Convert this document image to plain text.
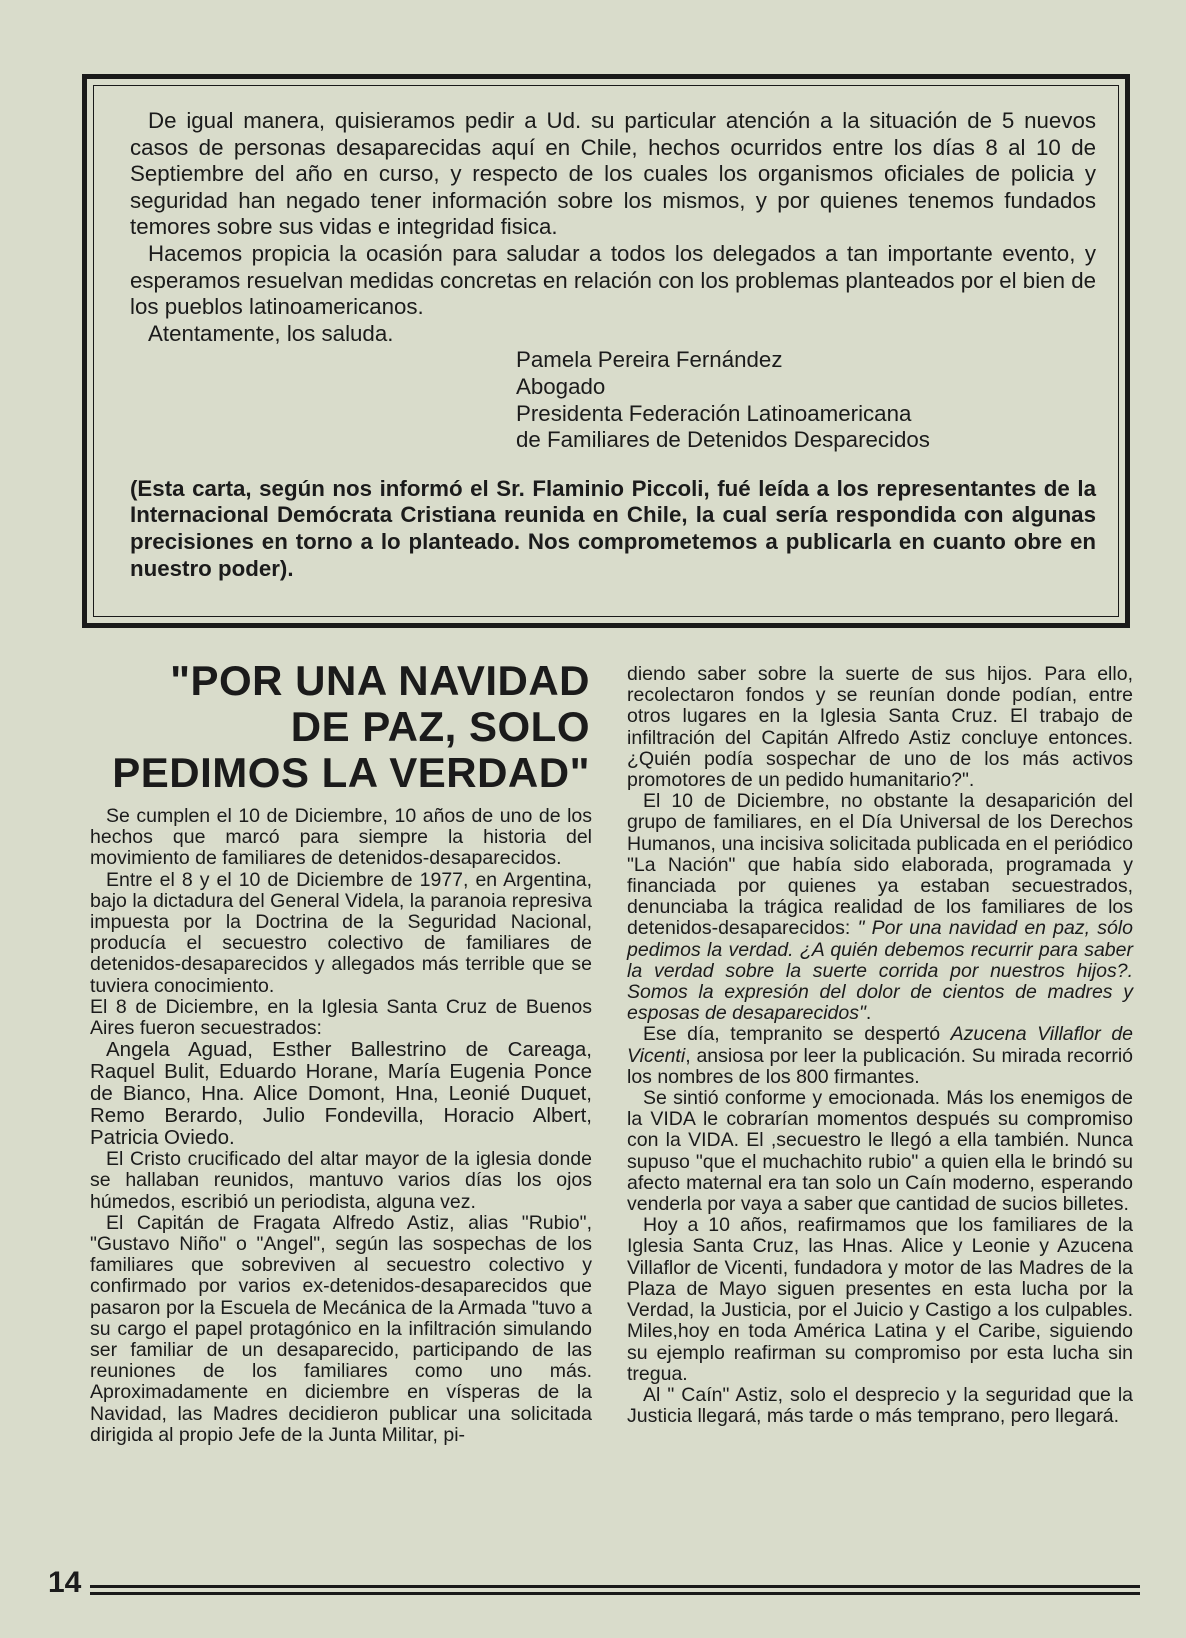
De igual manera, quisieramos pedir a Ud. su particular atención a la situación de 5 nuevos casos de personas desaparecidas aquí en Chile, hechos ocurridos entre los días 8 al 10 de Septiembre del año en curso, y respecto de los cuales los organismos oficiales de policia y seguridad han negado tener información sobre los mismos, y por quienes tenemos fundados temores sobre sus vidas e integridad fisica.

Hacemos propicia la ocasión para saludar a todos los delegados a tan importante evento, y esperamos resuelvan medidas concretas en relación con los problemas planteados por el bien de los pueblos latinoamericanos.

Atentamente, los saluda.

Pamela Pereira Fernández

Abogado

Presidenta Federación Latinoamericana

de Familiares de Detenidos Desparecidos

(Esta carta, según nos informó el Sr. Flaminio Piccoli, fué leída a los representantes de la Internacional Demócrata Cristiana reunida en Chile, la cual sería respondida con algunas precisiones en torno a lo planteado. Nos comprometemos a publicarla en cuanto obre en nuestro poder).

"POR UNA NAVIDAD
DE PAZ, SOLO
PEDIMOS LA VERDAD"

Se cumplen el 10 de Diciembre, 10 años de uno de los hechos que marcó para siempre la historia del movimiento de familiares de detenidos-desaparecidos.

Entre el 8 y el 10 de Diciembre de 1977, en Argentina, bajo la dictadura del General Videla, la paranoia represiva impuesta por la Doctrina de la Seguridad Nacional, producía el secuestro colectivo de familiares de detenidos-desaparecidos y allegados más terrible que se tuviera conocimiento.

El 8 de Diciembre, en la Iglesia Santa Cruz de Buenos Aires fueron secuestrados:

Angela Aguad, Esther Ballestrino de Careaga, Raquel Bulit, Eduardo Horane, María Eugenia Ponce de Bianco, Hna. Alice Domont, Hna, Leonié Duquet, Remo Berardo, Julio Fondevilla, Horacio Albert, Patricia Oviedo.

El Cristo crucificado del altar mayor de la iglesia donde se hallaban reunidos, mantuvo varios días los ojos húmedos, escribió un periodista, alguna vez.

El Capitán de Fragata Alfredo Astiz, alias "Rubio", "Gustavo Niño" o "Angel", según las sospechas de los familiares que sobreviven al secuestro colectivo y confirmado por varios ex-detenidos-desaparecidos que pasaron por la Escuela de Mecánica de la Armada "tuvo a su cargo el papel protagónico en la infiltración simulando ser familiar de un desaparecido, participando de las reuniones de los familiares como uno más. Aproximadamente en diciembre en vísperas de la Navidad, las Madres decidieron publicar una solicitada dirigida al propio Jefe de la Junta Militar, pi-

diendo saber sobre la suerte de sus hijos. Para ello, recolectaron fondos y se reunían donde podían, entre otros lugares en la Iglesia Santa Cruz. El trabajo de infiltración del Capitán Alfredo Astiz concluye entonces. ¿Quién podía sospechar de uno de los más activos promotores de un pedido humanitario?".

El 10 de Diciembre, no obstante la desaparición del grupo de familiares, en el Día Universal de los Derechos Humanos, una incisiva solicitada publicada en el periódico "La Nación" que había sido elaborada, programada y financiada por quienes ya estaban secuestrados, denunciaba la trágica realidad de los familiares de los detenidos-desaparecidos: " Por una navidad en paz, sólo pedimos la verdad. ¿A quién debemos recurrir para saber la verdad sobre la suerte corrida por nuestros hijos?. Somos la expresión del dolor de cientos de madres y esposas de desaparecidos".

Ese día, tempranito se despertó Azucena Villaflor de Vicenti, ansiosa por leer la publicación. Su mirada recorrió los nombres de los 800 firmantes.

Se sintió conforme y emocionada. Más los enemigos de la VIDA le cobrarían momentos después su compromiso con la VIDA. El ,secuestro le llegó a ella también. Nunca supuso "que el muchachito rubio" a quien ella le brindó su afecto maternal era tan solo un Caín moderno, esperando venderla por vaya a saber que cantidad de sucios billetes.

Hoy a 10 años, reafirmamos que los familiares de la Iglesia Santa Cruz, las Hnas. Alice y Leonie y Azucena Villaflor de Vicenti, fundadora y motor de las Madres de la Plaza de Mayo siguen presentes en esta lucha por la Verdad, la Justicia, por el Juicio y Castigo a los culpables. Miles,hoy en toda América Latina y el Caribe, siguiendo su ejemplo reafirman su compromiso por esta lucha sin tregua.

Al " Caín" Astiz, solo el desprecio y la seguridad que la Justicia llegará, más tarde o más temprano, pero llegará.

14
